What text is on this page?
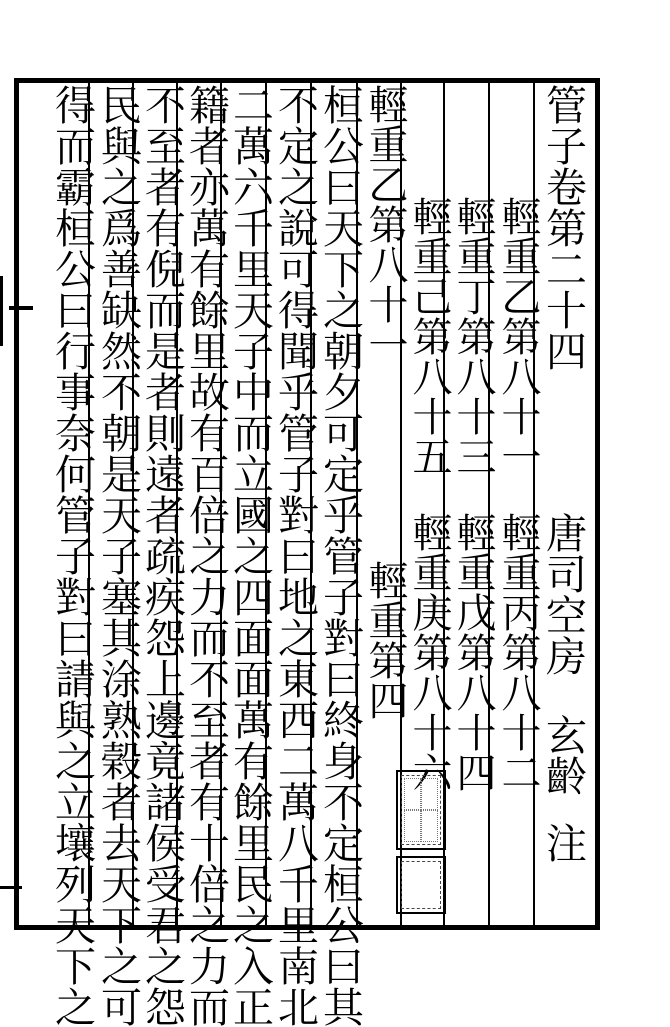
管子卷第二十四
唐司空房
玄齡
注
輕重乙第八十一
輕重丙第八十二
輕重丁第八十三
輕重戊第八十四
輕重己第八十五
輕重庚第八十六
輕重乙第八十一
輕重第四
桓公曰天下之朝夕可定乎管子對曰終身不定桓公曰其
不定之說可得聞乎管子對曰地之東西二萬八千里南北
二萬六千里天子中而立國之四面面萬有餘里民之入正
籍者亦萬有餘里故有百倍之力而不至者有十倍之力而
不至者有倪而是者則遠者疏疾怨上邊竟諸侯受君之怨
民與之爲善缺然不朝是天子塞其涂熟榖者去天下之可
得而霸桓公曰行事奈何管子對曰請與之立壤列天下之
